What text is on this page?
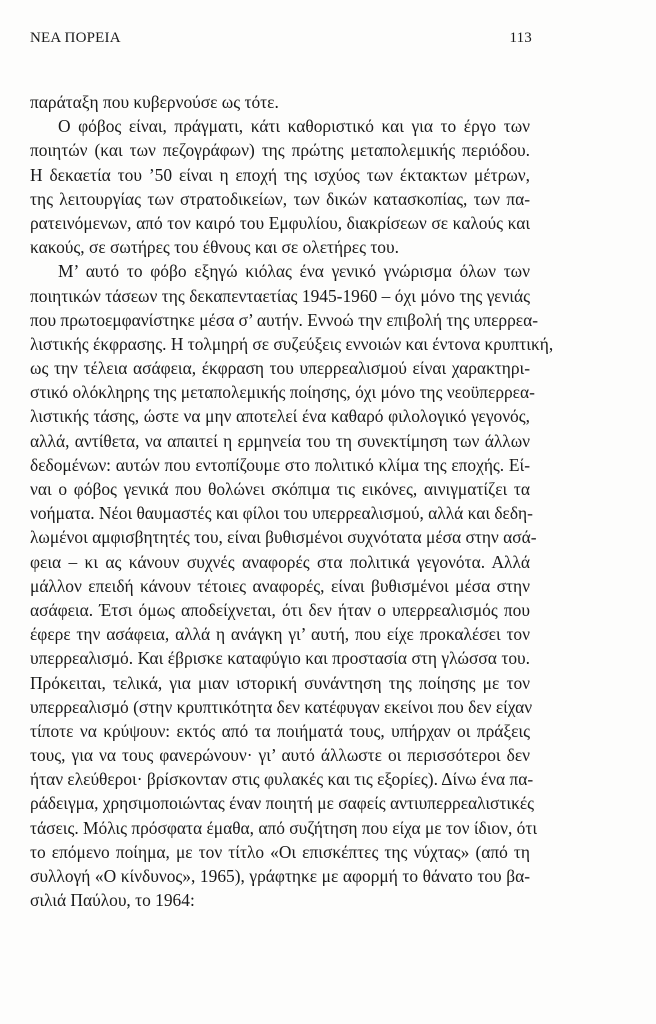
ΝΕΑ ΠΟΡΕΙΑ	113
παράταξη που κυβερνούσε ως τότε.
Ο φόβος είναι, πράγματι, κάτι καθοριστικό και για το έργο των
ποιητών (και των πεζογράφων) της πρώτης μεταπολεμικής περιόδου.
Η δεκαετία του ’50 είναι η εποχή της ισχύος των έκτακτων μέτρων,
της λειτουργίας των στρατοδικείων, των δικών κατασκοπίας, των πα-
ρατεινόμενων, από τον καιρό του Εμφυλίου, διακρίσεων σε καλούς και
κακούς, σε σωτήρες του έθνους και σε ολετήρες του.
Μ’ αυτό το φόβο εξηγώ κιόλας ένα γενικό γνώρισμα όλων των
ποιητικών τάσεων της δεκαπενταετίας 1945-1960 – όχι μόνο της γενιάς
που πρωτοεμφανίστηκε μέσα σ’ αυτήν. Εννοώ την επιβολή της υπερρεα-
λιστικής έκφρασης. Η τολμηρή σε συζεύξεις εννοιών και έντονα κρυπτική,
ως την τέλεια ασάφεια, έκφραση του υπερρεαλισμού είναι χαρακτηρι-
στικό ολόκληρης της μεταπολεμικής ποίησης, όχι μόνο της νεοϋπερρεα-
λιστικής τάσης, ώστε να μην αποτελεί ένα καθαρό φιλολογικό γεγονός,
αλλά, αντίθετα, να απαιτεί η ερμηνεία του τη συνεκτίμηση των άλλων
δεδομένων: αυτών που εντοπίζουμε στο πολιτικό κλίμα της εποχής. Εί-
ναι ο φόβος γενικά που θολώνει σκόπιμα τις εικόνες, αινιγματίζει τα
νοήματα. Νέοι θαυμαστές και φίλοι του υπερρεαλισμού, αλλά και δεδη-
λωμένοι αμφισβητητές του, είναι βυθισμένοι συχνότατα μέσα στην ασά-
φεια – κι ας κάνουν συχνές αναφορές στα πολιτικά γεγονότα. Αλλά
μάλλον επειδή κάνουν τέτοιες αναφορές, είναι βυθισμένοι μέσα στην
ασάφεια. Έτσι όμως αποδείχνεται, ότι δεν ήταν ο υπερρεαλισμός που
έφερε την ασάφεια, αλλά η ανάγκη γι’ αυτή, που είχε προκαλέσει τον
υπερρεαλισμό. Και έβρισκε καταφύγιο και προστασία στη γλώσσα του.
Πρόκειται, τελικά, για μιαν ιστορική συνάντηση της ποίησης με τον
υπερρεαλισμό (στην κρυπτικότητα δεν κατέφυγαν εκείνοι που δεν είχαν
τίποτε να κρύψουν: εκτός από τα ποιήματά τους, υπήρχαν οι πράξεις
τους, για να τους φανερώνουν· γι’ αυτό άλλωστε οι περισσότεροι δεν
ήταν ελεύθεροι· βρίσκονταν στις φυλακές και τις εξορίες). Δίνω ένα πα-
ράδειγμα, χρησιμοποιώντας έναν ποιητή με σαφείς αντιυπερρεαλιστικές
τάσεις. Μόλις πρόσφατα έμαθα, από συζήτηση που είχα με τον ίδιον, ότι
το επόμενο ποίημα, με τον τίτλο «Οι επισκέπτες της νύχτας» (από τη
συλλογή «Ο κίνδυνος», 1965), γράφτηκε με αφορμή το θάνατο του βα-
σιλιά Παύλου, το 1964:
